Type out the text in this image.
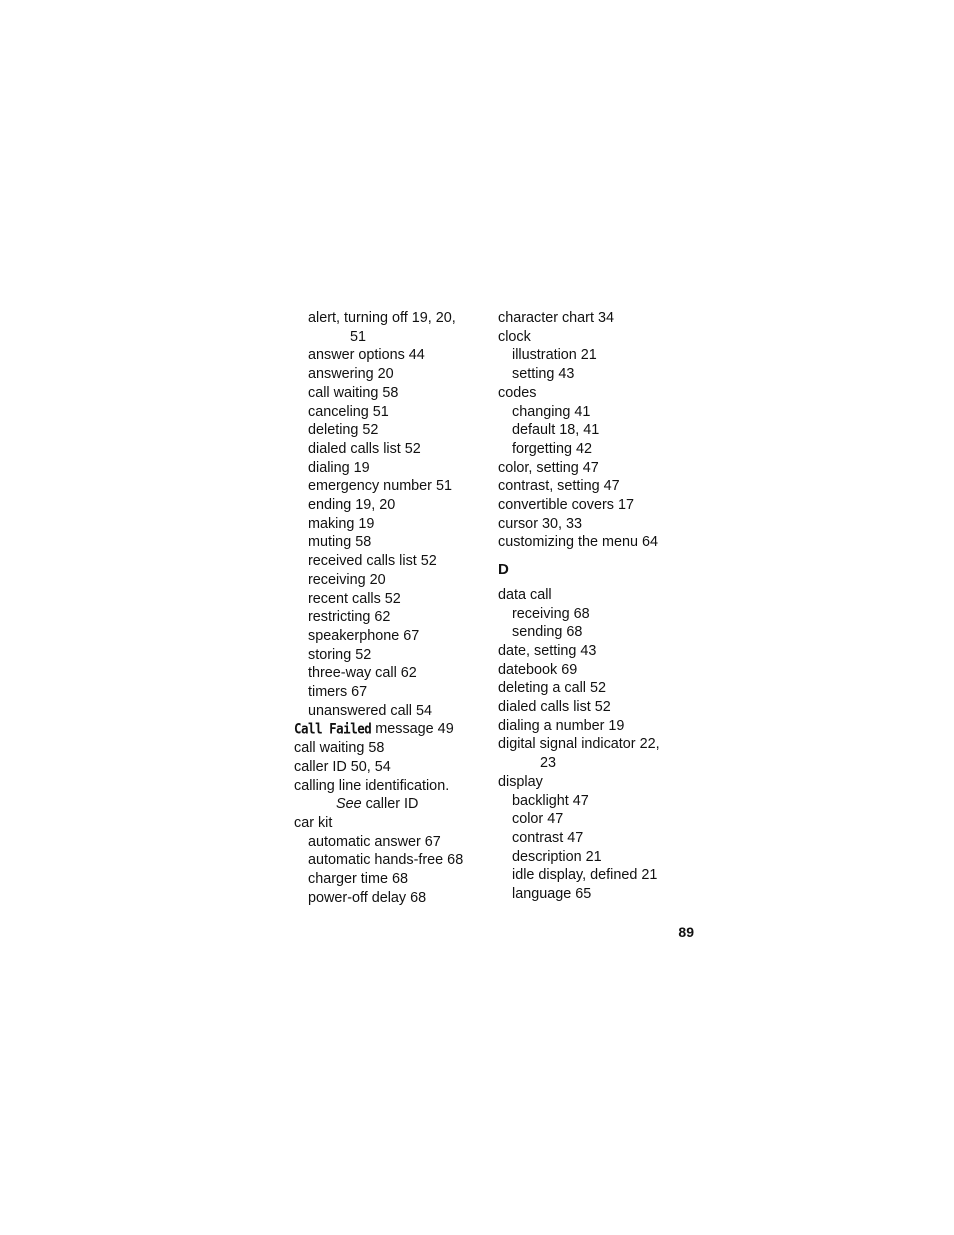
alert, turning off 19, 20,
51
answer options 44
answering 20
call waiting 58
canceling 51
deleting 52
dialed calls list 52
dialing 19
emergency number 51
ending 19, 20
making 19
muting 58
received calls list 52
receiving 20
recent calls 52
restricting 62
speakerphone 67
storing 52
three-way call 62
timers 67
unanswered call 54
Call Failed message 49
call waiting 58
caller ID 50, 54
calling line identification.
See caller ID
car kit
automatic answer 67
automatic hands-free 68
charger time 68
power-off delay 68
character chart 34
clock
illustration 21
setting 43
codes
changing 41
default 18, 41
forgetting 42
color, setting 47
contrast, setting 47
convertible covers 17
cursor 30, 33
customizing the menu 64
D
data call
receiving 68
sending 68
date, setting 43
datebook 69
deleting a call 52
dialed calls list 52
dialing a number 19
digital signal indicator 22,
23
display
backlight 47
color 47
contrast 47
description 21
idle display, defined 21
language 65
89
